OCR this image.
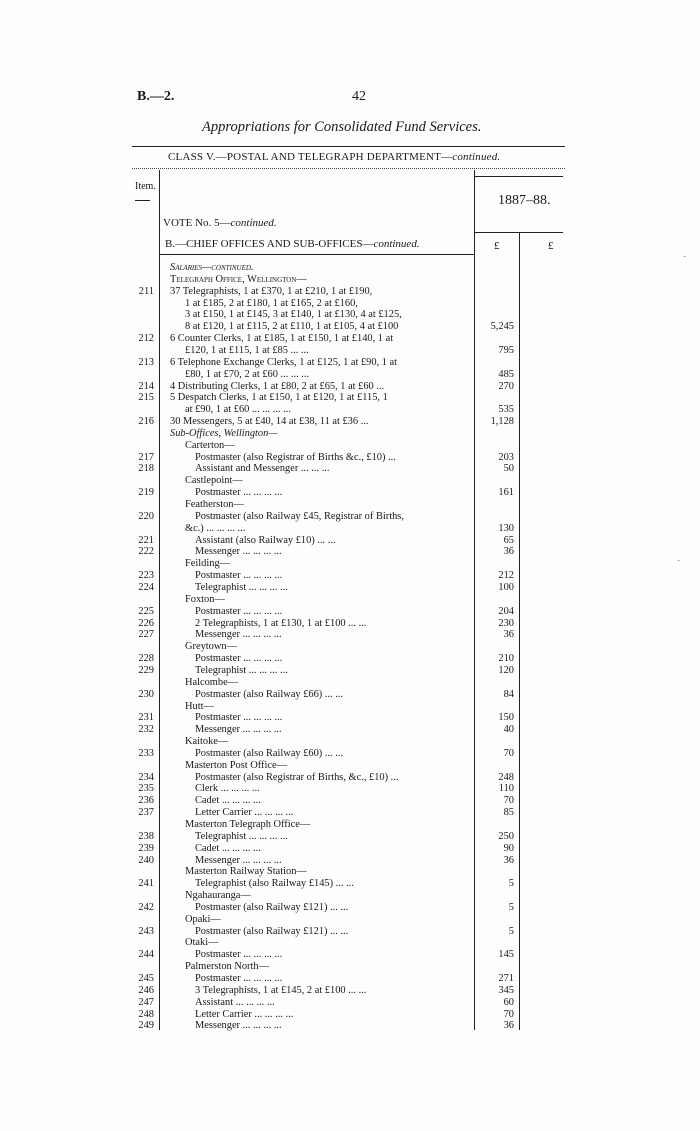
B.—2.	42
Appropriations for Consolidated Fund Services.
CLASS V.—POSTAL AND TELEGRAPH DEPARTMENT—continued.
Item.
1887–88.
VOTE No. 5—continued.
B.—CHIEF OFFICES AND SUB-OFFICES—continued.	£	£
Salaries—continued.
Telegraph Office, Wellington—
211 37 Telegraphists, 1 at £370, 1 at £210, 1 at £190,
1 at £185, 2 at £180, 1 at £165, 2 at £160,
3 at £150, 1 at £145, 3 at £140, 1 at £130, 4 at £125,
8 at £120, 1 at £115, 2 at £110, 1 at £105, 4 at £100	5,245
212 6 Counter Clerks, 1 at £185, 1 at £150, 1 at £140, 1 at
£120, 1 at £115, 1 at £85 ... ...	795
213 6 Telephone Exchange Clerks, 1 at £125, 1 at £90, 1 at
£80, 1 at £70, 2 at £60 ... ... ...	485
214 4 Distributing Clerks, 1 at £80, 2 at £65, 1 at £60 ...	270
215 5 Despatch Clerks, 1 at £150, 1 at £120, 1 at £115, 1
at £90, 1 at £60 ... ... ... ...	535
216 30 Messengers, 5 at £40, 14 at £38, 11 at £36 ...	1,128
Sub-Offices, Wellington—
Carterton—
217	Postmaster (also Registrar of Births &c., £10) ...	203
218	Assistant and Messenger ... ... ...	50
Castlepoint—
219	Postmaster ... ... ... ...	161
Featherston—
220	Postmaster (also Railway £45, Registrar of Births,
&c.) ... ... ... ...	130
221	Assistant (also Railway £10) ... ...	65
222	Messenger ... ... ... ...	36
Feilding—
223	Postmaster ... ... ... ...	212
224	Telegraphist ... ... ... ...	100
Foxton—
225	Postmaster ... ... ... ...	204
226	2 Telegraphists, 1 at £130, 1 at £100 ... ...	230
227	Messenger ... ... ... ...	36
Greytown—
228	Postmaster ... ... ... ...	210
229	Telegraphist ... ... ... ...	120
Halcombe—
230	Postmaster (also Railway £66) ... ...	84
Hutt—
231	Postmaster ... ... ... ...	150
232	Messenger ... ... ... ...	40
Kaitoke—
233	Postmaster (also Railway £60) ... ...	70
Masterton Post Office—
234	Postmaster (also Registrar of Births, &c., £10) ...	248
235	Clerk ... ... ... ...	110
236	Cadet ... ... ... ...	70
237	Letter Carrier ... ... ... ...	85
Masterton Telegraph Office—
238	Telegraphist ... ... ... ...	250
239	Cadet ... ... ... ...	90
240	Messenger ... ... ... ...	36
Masterton Railway Station—
241	Telegraphist (also Railway £145) ... ...	5
Ngahauranga—
242	Postmaster (also Railway £121) ... ...	5
Opaki—
243	Postmaster (also Railway £121) ... ...	5
Otaki—
244	Postmaster ... ... ... ...	145
Palmerston North—
245	Postmaster ... ... ... ...	271
246	3 Telegraphists, 1 at £145, 2 at £100 ... ...	345
247	Assistant ... ... ... ...	60
248	Letter Carrier ... ... ... ...	70
249	Messenger ... ... ... ...	36
·
·
